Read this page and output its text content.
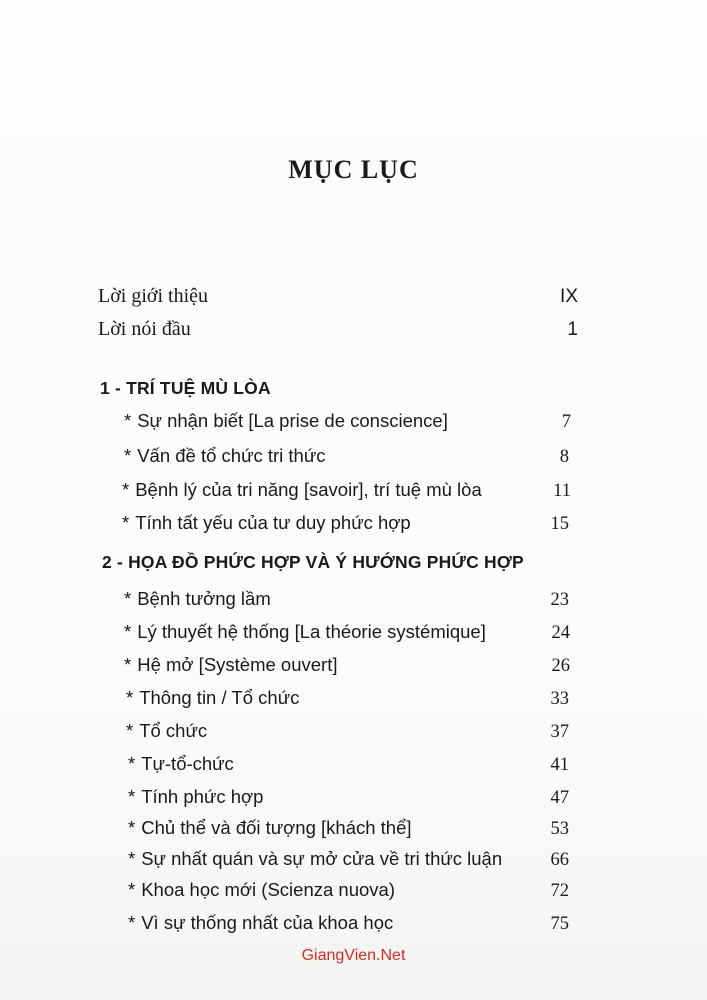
MỤC LỤC
Lời giới thiệu	IX
Lời nói đầu	1
1 - TRÍ TUỆ MÙ LÒA
* Sự nhận biết [La prise de conscience]	7
* Vấn đề tổ chức tri thức	8
* Bệnh lý của tri năng [savoir], trí tuệ mù lòa	11
* Tính tất yếu của tư duy phức hợp	15
2 - HỌA ĐỒ PHỨC HỢP VÀ Ý HƯỚNG PHỨC HỢP
* Bệnh tưởng lầm	23
* Lý thuyết hệ thống [La théorie systémique]	24
* Hệ mở [Système ouvert]	26
* Thông tin / Tổ chức	33
* Tổ chức	37
* Tự-tổ-chức	41
* Tính phức hợp	47
* Chủ thể và đối tượng [khách thể]	53
* Sự nhất quán và sự mở cửa về tri thức luận	66
* Khoa học mới (Scienza nuova)	72
* Vì sự thống nhất của khoa học	75
GiangVien.Net
